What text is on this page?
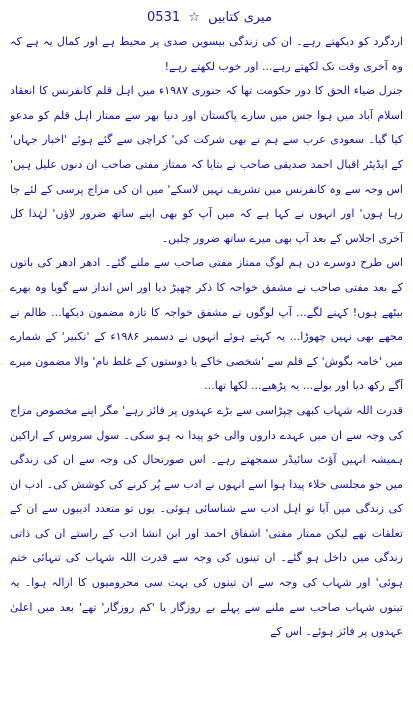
میری کتابیں ☆ 0531

اردگرد کو دیکھتے رہے۔ ان کی زندگی بیسویں صدی پر محیط ہے اور کمال یہ ہے کہ وہ آخری وقت تک لکھتے رہے... اور خوب لکھتے رہے!

جنرل ضیاء الحق کا دور حکومت تھا کہ جنوری ۱۹۸۷ء میں اہل قلم کانفرنس کا انعقاد اسلام آباد میں ہوا جس میں سارے پاکستان اور دنیا بھر سے ممتاز اہل قلم کو مدعو کیا گیا۔ سعودی عرب سے ہم نے بھی شرکت کی' کراچی سے گئے ہوئے 'اخبار جہاں' کے ایڈیٹر اقبال احمد صدیقی صاحب نے بتایا کہ ممتاز مفتی صاحب ان دنوں علیل ہیں' اس وجہ سے وہ کانفرنس میں تشریف نہیں لاسکے' میں ان کی مزاج پرسی کے لئے جا رہا ہوں' اور انہوں نے کہا ہے کہ میں آپ کو بھی اپنے ساتھ ضرور لاؤں' لہٰذا کل آخری اجلاس کے بعد آپ بھی میرے ساتھ ضرور چلیں۔

اس طرح دوسرے دن ہم لوگ ممتاز مفتی صاحب سے ملنے گئے۔ ادھر ادھر کی باتوں کے بعد مفتی صاحب نے مشفق خواجہ کا ذکر چھیڑ دیا اور اس انداز سے گویا وہ بھرے بیٹھے ہوں! کہنے لگے... آپ لوگوں نے مشفق خواجہ کا تازہ مضمون دیکھا... ظالم نے مجھے بھی نہیں چھوڑا... یہ کہتے ہوئے انہوں نے دسمبر ۱۹۸۶ء کے 'تکبیر' کے شمارے میں 'خامہ بگوش' کے قلم سے 'شخصی خاکے یا دوستوں کے غلط نام' والا مضمون میرے آگے رکھ دیا اور بولے... یہ پڑھیے... لکھا تھا...

قدرت اللہ شہاب کبھی چپڑاسی سے بڑے عہدوں پر فائز رہے' مگر اپنے مخصوص مزاج کی وجہ سے ان میں عہدے داروں والی خو پیدا نہ ہو سکی۔ سول سروس کے اراکین ہمیشہ انہیں آؤٹ سائیڈر سمجھتے رہے۔ اس صورتحال کی وجہ سے ان کی زندگی میں جو مجلسی خلاء پیدا ہوا اسے انہوں نے ادب سے پُر کرنے کی کوشش کی۔ ادب ان کی زندگی میں آیا تو اہل ادب سے شناسائی ہوئی۔ یوں تو متعدد ادیبوں سے ان کے تعلقات تھے لیکن ممتاز مفتی' اشفاق احمد اور ابن انشا ادب کے راستے ان کی ذاتی زندگی میں داخل ہو گئے۔ ان تینوں کی وجہ سے قدرت اللہ شہاب کی تنہائی ختم ہوئی' اور شہاب کی وجہ سے ان تینوں کی بہت سی محرومیوں کا ازالہ ہوا۔ یہ تینوں شہاب صاحب سے ملنے سے پہلے بے روزگار یا 'کم روزگار' تھے' بعد میں اعلیٰ عہدوں پر فائز ہوئے۔ اس کے
